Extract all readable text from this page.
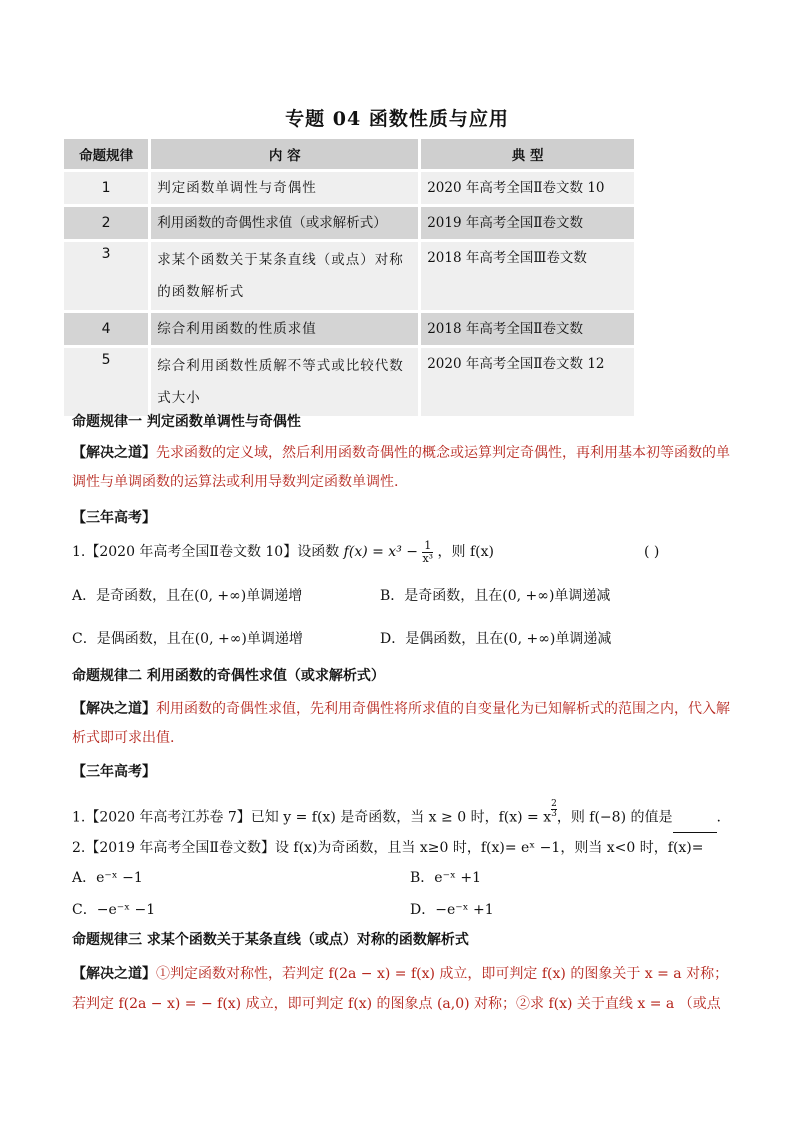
专题 04 函数性质与应用
命题规律		内 容		典 型
1		判定函数单调性与奇偶性		2020 年高考全国Ⅱ卷文数 10
2		利用函数的奇偶性求值（或求解析式）		2019 年高考全国Ⅱ卷文数
3		求某个函数关于某条直线（或点）对称的函数解析式		2018 年高考全国Ⅲ卷文数
4		综合利用函数的性质求值		2018 年高考全国Ⅱ卷文数
5		综合利用函数性质解不等式或比较代数式大小		2020 年高考全国Ⅱ卷文数 12
命题规律一 判定函数单调性与奇偶性
【解决之道】先求函数的定义域，然后利用函数奇偶性的概念或运算判定奇偶性，再利用基本初等函数的单调性与单调函数的运算法或利用导数判定函数单调性.
【三年高考】
1.【2020 年高考全国Ⅱ卷文数 10】设函数 $f(x) = x^3 - \frac{1}{\text{x³}}$ ，则 f(x)	( )
A．是奇函数，且在(0, +∞)单调递增	B．是奇函数，且在(0, +∞)单调递减
C．是偶函数，且在(0, +∞)单调递增	D．是偶函数，且在(0, +∞)单调递减
命题规律二 利用函数的奇偶性求值（或求解析式）
【解决之道】利用函数的奇偶性求值，先利用奇偶性将所求值的自变量化为已知解析式的范围之内，代入解析式即可求出值.
【三年高考】
1.【2020 年高考江苏卷 7】已知 y = f(x) 是奇函数，当 x ≥ 0 时，f(x) = x $^{\frac{2}{3}}$ ，则 f(−8) 的值是	.
2.【2019 年高考全国Ⅱ卷文数】设 f(x)为奇函数，且当 x≥0 时，f(x)= eˣ −1，则当 x<0 时，f(x)=
A．e⁻ˣ −1	B．e⁻ˣ +1
C．−e⁻ˣ −1	D．−e⁻ˣ +1
命题规律三 求某个函数关于某条直线（或点）对称的函数解析式
【解决之道】①判定函数对称性，若判定 f(2a − x) = f(x) 成立，即可判定 f(x) 的图象关于 x = a 对称；
若判定 f(2a − x) = − f(x) 成立，即可判定 f(x) 的图象点 (a,0) 对称；②求 f(x) 关于直线 x = a （或点
